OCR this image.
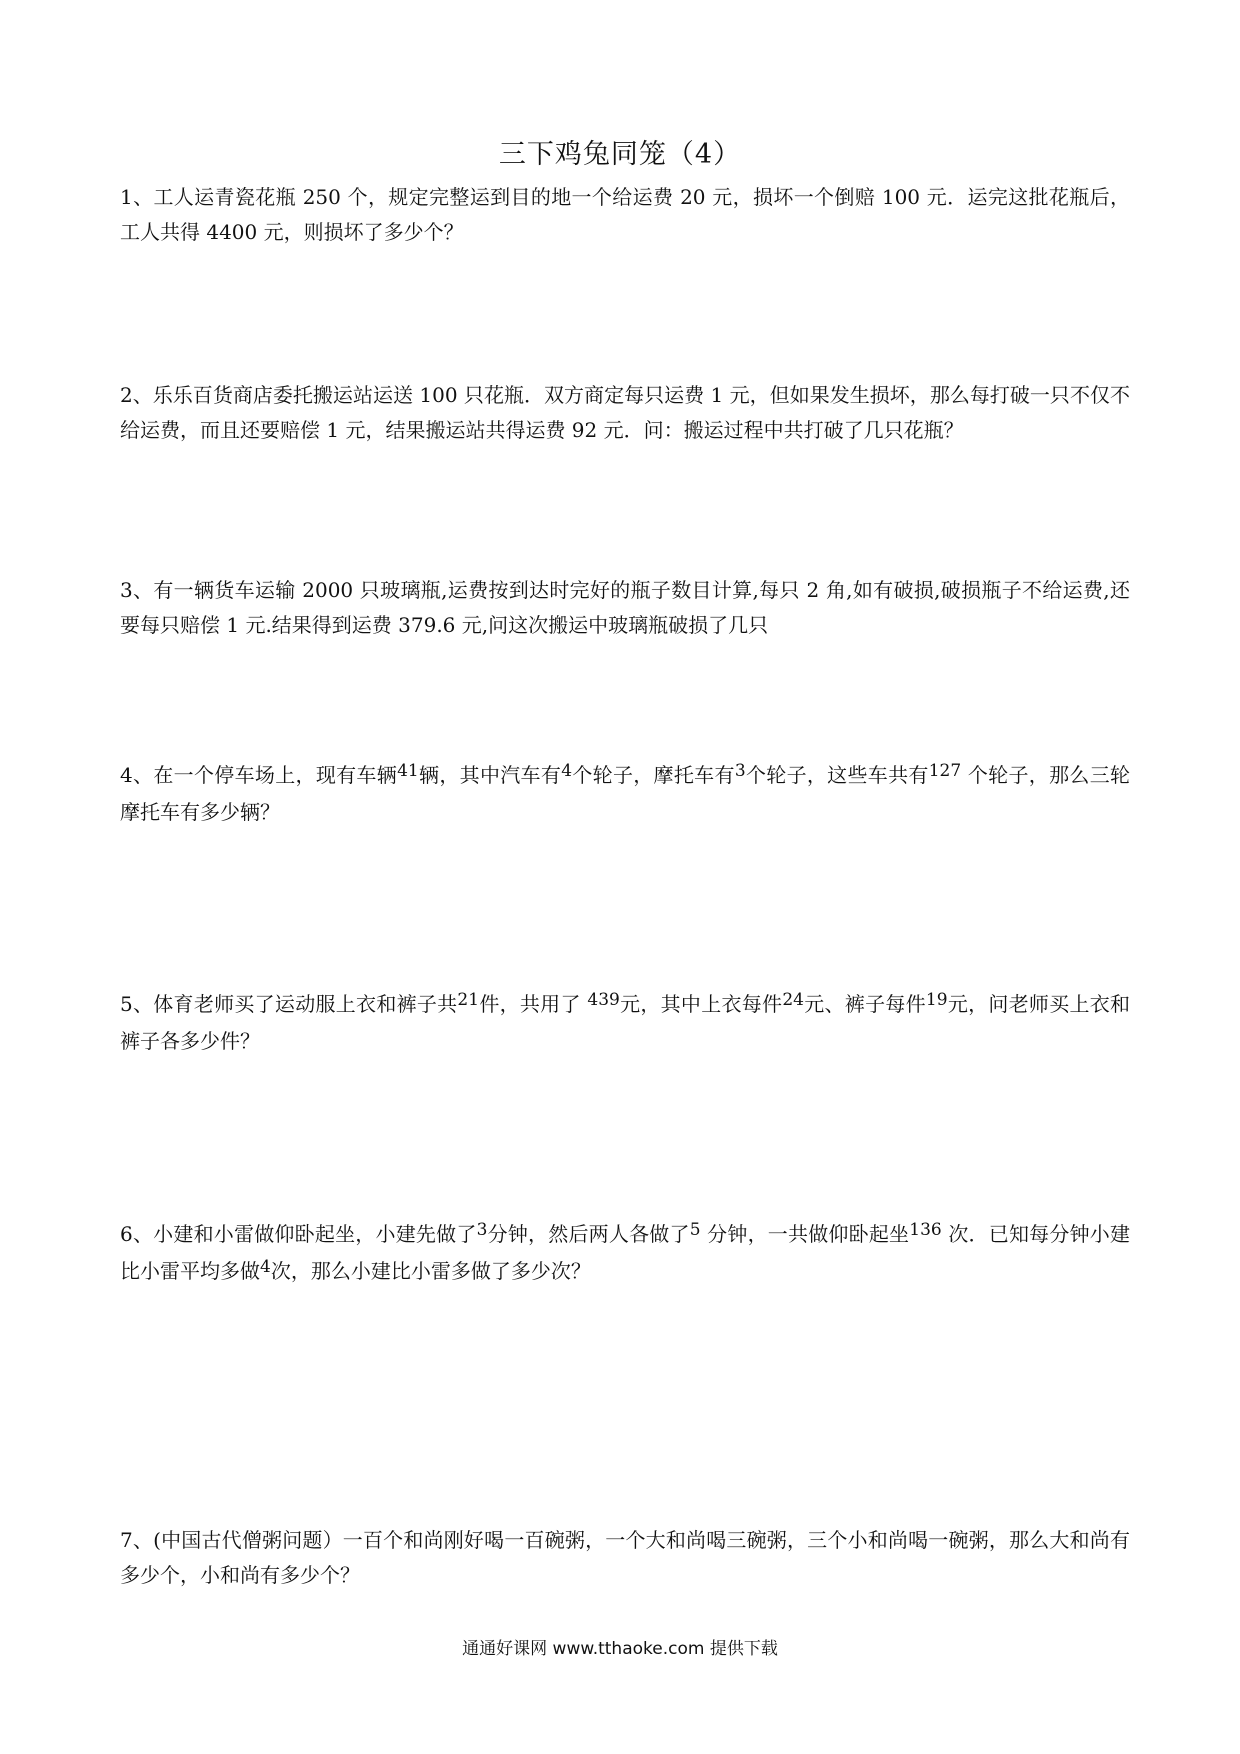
三下鸡兔同笼（4）
1、工人运青瓷花瓶 250 个，规定完整运到目的地一个给运费 20 元，损坏一个倒赔 100 元．运完这批花瓶后，工人共得 4400 元，则损坏了多少个？
2、乐乐百货商店委托搬运站运送 100 只花瓶．双方商定每只运费 1 元，但如果发生损坏，那么每打破一只不仅不给运费，而且还要赔偿 1 元，结果搬运站共得运费 92 元．问：搬运过程中共打破了几只花瓶？
3、有一辆货车运输 2000 只玻璃瓶,运费按到达时完好的瓶子数目计算,每只 2 角,如有破损,破损瓶子不给运费,还要每只赔偿 1 元.结果得到运费 379.6 元,问这次搬运中玻璃瓶破损了几只
4、在一个停车场上，现有车辆$^{41}$辆，其中汽车有$^4$个轮子，摩托车有$^3$个轮子，这些车共有$^{127}$ 个轮子，那么三轮摩托车有多少辆？
5、体育老师买了运动服上衣和裤子共$^{21}$件，共用了 $^{439}$元，其中上衣每件$^{24}$元、裤子每件$^{19}$元，问老师买上衣和裤子各多少件？
6、小建和小雷做仰卧起坐，小建先做了$^3$分钟，然后两人各做了$^5$ 分钟，一共做仰卧起坐$^{136}$ 次．已知每分钟小建比小雷平均多做$^4$次，那么小建比小雷多做了多少次？
7、(中国古代僧粥问题）一百个和尚刚好喝一百碗粥，一个大和尚喝三碗粥，三个小和尚喝一碗粥，那么大和尚有多少个，小和尚有多少个？
通通好课网 www.tthaoke.com 提供下载
